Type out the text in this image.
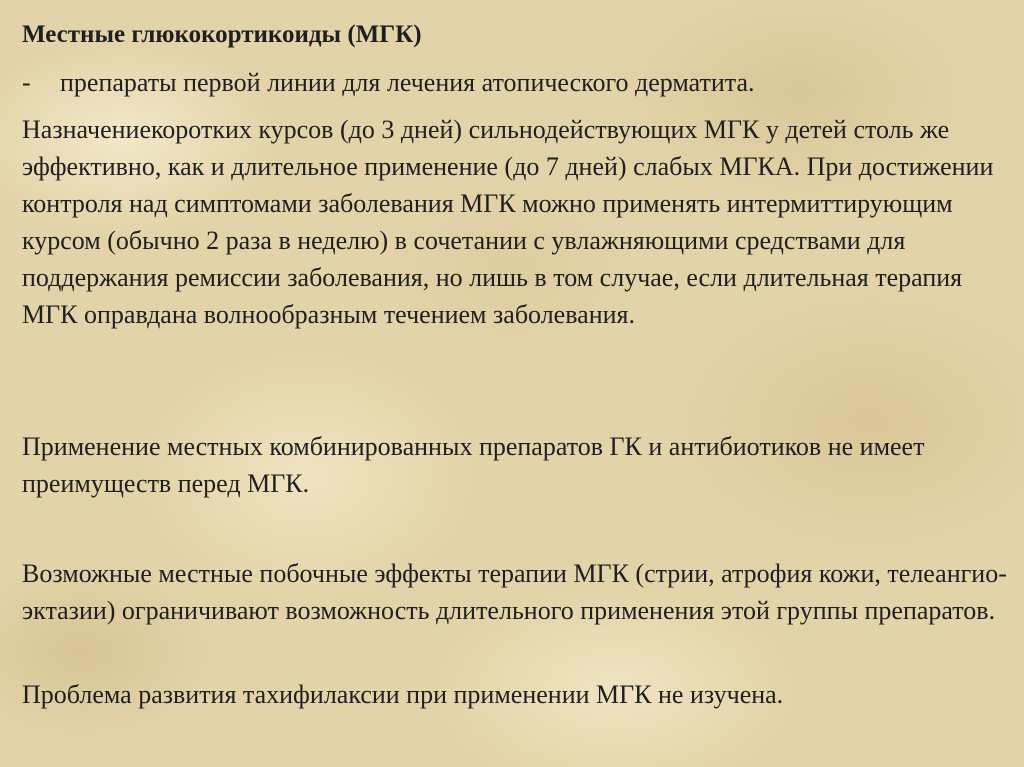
Местные глюкокортикоиды (МГК)

-	препараты первой линии для лечения атопического дерматита.

Назначениекоротких курсов (до 3 дней) сильнодействующих МГК у детей столь же эффективно, как и длительное применение (до 7 дней) слабых МГКА. При достижении контроля над симптомами заболевания МГК можно применять интермиттирующим курсом (обычно 2 раза в неделю) в сочетании с увлажняющими средствами для поддержания ремиссии заболевания, но лишь в том случае, если длительная терапия МГК оправдана волнообразным течением заболевания.

Применение местных комбинированных препаратов ГК и антибиотиков не имеет преимуществ перед МГК.

Возможные местные побочные эффекты терапии МГК (стрии, атрофия кожи, телеангио-эктазии) ограничивают возможность длительного применения этой группы препаратов.

Проблема развития тахифилаксии при применении МГК не изучена.
